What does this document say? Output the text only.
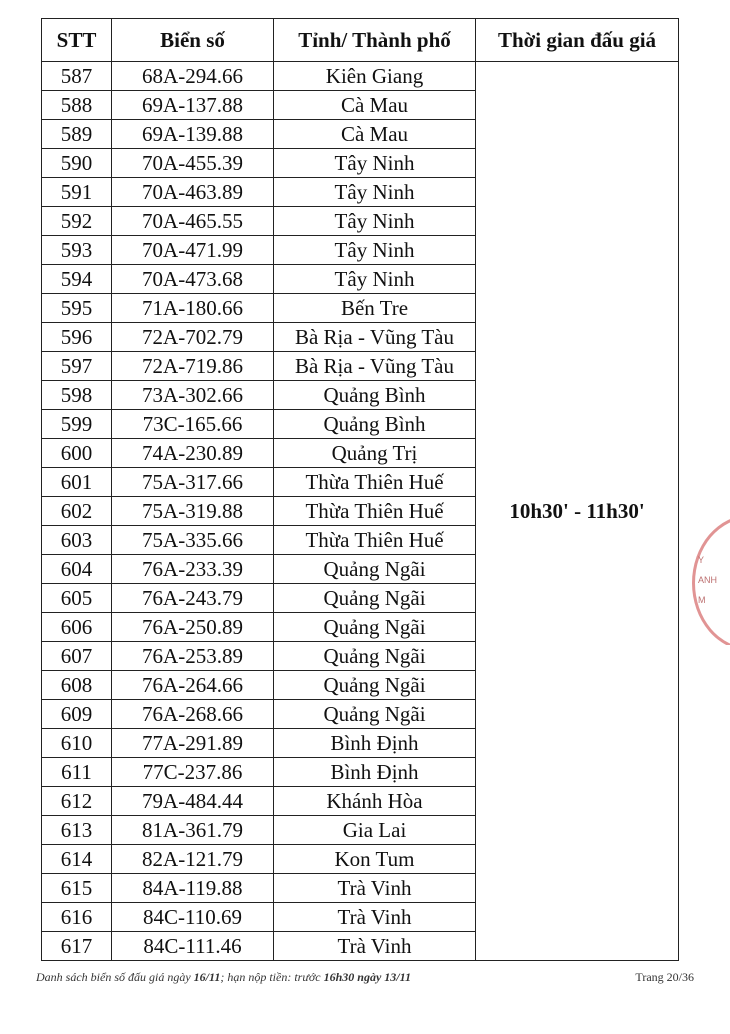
STT	Biển số	Tỉnh/ Thành phố	Thời gian đấu giá
587	68A-294.66	Kiên Giang	10h30' - 11h30'
588	69A-137.88	Cà Mau	
589	69A-139.88	Cà Mau	
590	70A-455.39	Tây Ninh	
591	70A-463.89	Tây Ninh	
592	70A-465.55	Tây Ninh	
593	70A-471.99	Tây Ninh	
594	70A-473.68	Tây Ninh	
595	71A-180.66	Bến Tre	
596	72A-702.79	Bà Rịa - Vũng Tàu	
597	72A-719.86	Bà Rịa - Vũng Tàu	
598	73A-302.66	Quảng Bình	
599	73C-165.66	Quảng Bình	
600	74A-230.89	Quảng Trị	
601	75A-317.66	Thừa Thiên Huế	
602	75A-319.88	Thừa Thiên Huế	
603	75A-335.66	Thừa Thiên Huế	
604	76A-233.39	Quảng Ngãi	
605	76A-243.79	Quảng Ngãi	
606	76A-250.89	Quảng Ngãi	
607	76A-253.89	Quảng Ngãi	
608	76A-264.66	Quảng Ngãi	
609	76A-268.66	Quảng Ngãi	
610	77A-291.89	Bình Định	
611	77C-237.86	Bình Định	
612	79A-484.44	Khánh Hòa	
613	81A-361.79	Gia Lai	
614	82A-121.79	Kon Tum	
615	84A-119.88	Trà Vinh	
616	84C-110.69	Trà Vinh	
617	84C-111.46	Trà Vinh	
Danh sách biển số đấu giá ngày 16/11; hạn nộp tiền: trước 16h30 ngày 13/11	Trang 20/36
Y
ANH
M
